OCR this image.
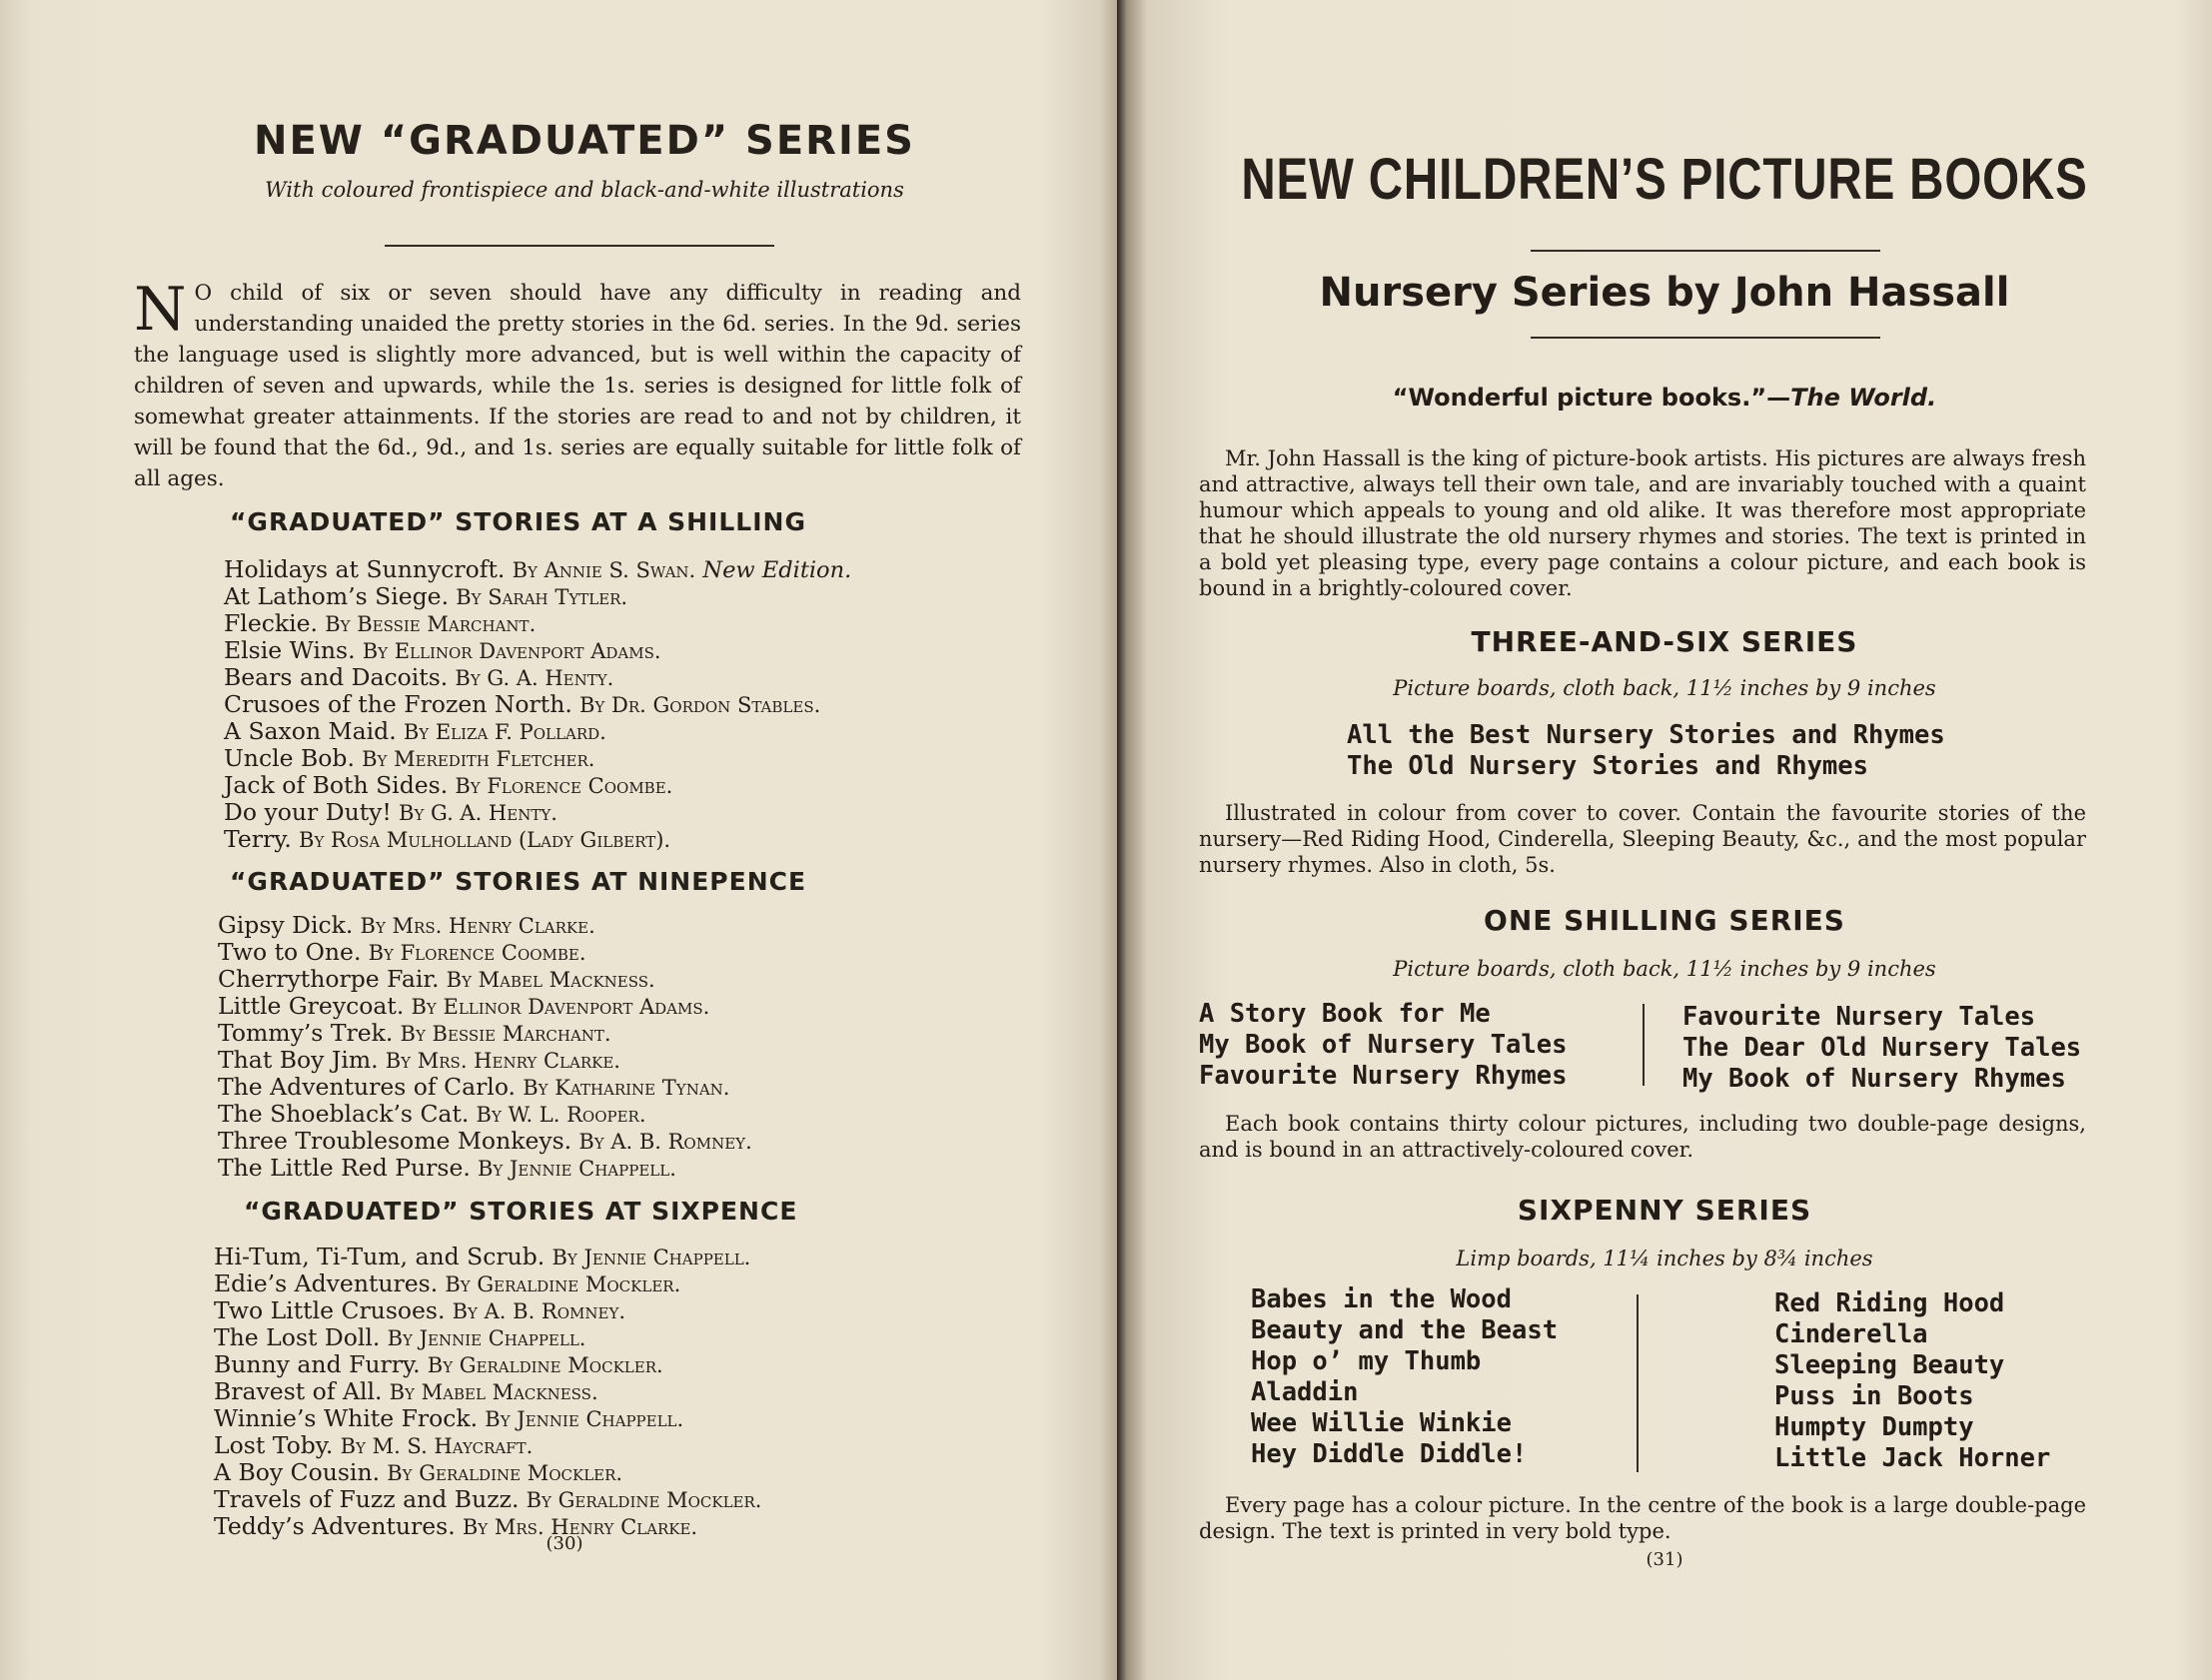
NEW “GRADUATED” SERIES
With coloured frontispiece and black-and-white illustrations
N O child of six or seven should have any difficulty in reading and understanding unaided the pretty stories in the 6d. series. In the 9d. series the language used is slightly more advanced, but is well within the capacity of children of seven and upwards, while the 1s. series is designed for little folk of somewhat greater attainments. If the stories are read to and not by children, it will be found that the 6d., 9d., and 1s. series are equally suitable for little folk of all ages.
“GRADUATED” STORIES AT A SHILLING
Holidays at Sunnycroft. By Annie S. Swan. New Edition.
At Lathom’s Siege. By Sarah Tytler.
Fleckie. By Bessie Marchant.
Elsie Wins. By Ellinor Davenport Adams.
Bears and Dacoits. By G. A. Henty.
Crusoes of the Frozen North. By Dr. Gordon Stables.
A Saxon Maid. By Eliza F. Pollard.
Uncle Bob. By Meredith Fletcher.
Jack of Both Sides. By Florence Coombe.
Do your Duty! By G. A. Henty.
Terry. By Rosa Mulholland (Lady Gilbert).
“GRADUATED” STORIES AT NINEPENCE
Gipsy Dick. By Mrs. Henry Clarke.
Two to One. By Florence Coombe.
Cherrythorpe Fair. By Mabel Mackness.
Little Greycoat. By Ellinor Davenport Adams.
Tommy’s Trek. By Bessie Marchant.
That Boy Jim. By Mrs. Henry Clarke.
The Adventures of Carlo. By Katharine Tynan.
The Shoeblack’s Cat. By W. L. Rooper.
Three Troublesome Monkeys. By A. B. Romney.
The Little Red Purse. By Jennie Chappell.
“GRADUATED” STORIES AT SIXPENCE
Hi-Tum, Ti-Tum, and Scrub. By Jennie Chappell.
Edie’s Adventures. By Geraldine Mockler.
Two Little Crusoes. By A. B. Romney.
The Lost Doll. By Jennie Chappell.
Bunny and Furry. By Geraldine Mockler.
Bravest of All. By Mabel Mackness.
Winnie’s White Frock. By Jennie Chappell.
Lost Toby. By M. S. Haycraft.
A Boy Cousin. By Geraldine Mockler.
Travels of Fuzz and Buzz. By Geraldine Mockler.
Teddy’s Adventures. By Mrs. Henry Clarke.
(30)
NEW CHILDREN’S PICTURE BOOKS
Nursery Series by John Hassall
“Wonderful picture books.”—The World.
Mr. John Hassall is the king of picture-book artists. His pictures are always fresh and attractive, always tell their own tale, and are invariably touched with a quaint humour which appeals to young and old alike. It was therefore most appropriate that he should illustrate the old nursery rhymes and stories. The text is printed in a bold yet pleasing type, every page contains a colour picture, and each book is bound in a brightly-coloured cover.
THREE-AND-SIX SERIES
Picture boards, cloth back, 11½ inches by 9 inches
All the Best Nursery Stories and Rhymes
The Old Nursery Stories and Rhymes
Illustrated in colour from cover to cover. Contain the favourite stories of the nursery—Red Riding Hood, Cinderella, Sleeping Beauty, &c., and the most popular nursery rhymes. Also in cloth, 5s.
ONE SHILLING SERIES
Picture boards, cloth back, 11½ inches by 9 inches
A Story Book for Me
My Book of Nursery Tales
Favourite Nursery Rhymes
Favourite Nursery Tales
The Dear Old Nursery Tales
My Book of Nursery Rhymes
Each book contains thirty colour pictures, including two double-page designs, and is bound in an attractively-coloured cover.
SIXPENNY SERIES
Limp boards, 11¼ inches by 8¾ inches
Babes in the Wood
Beauty and the Beast
Hop o’ my Thumb
Aladdin
Wee Willie Winkie
Hey Diddle Diddle!
Red Riding Hood
Cinderella
Sleeping Beauty
Puss in Boots
Humpty Dumpty
Little Jack Horner
Every page has a colour picture. In the centre of the book is a large double-page design. The text is printed in very bold type.
(31)
